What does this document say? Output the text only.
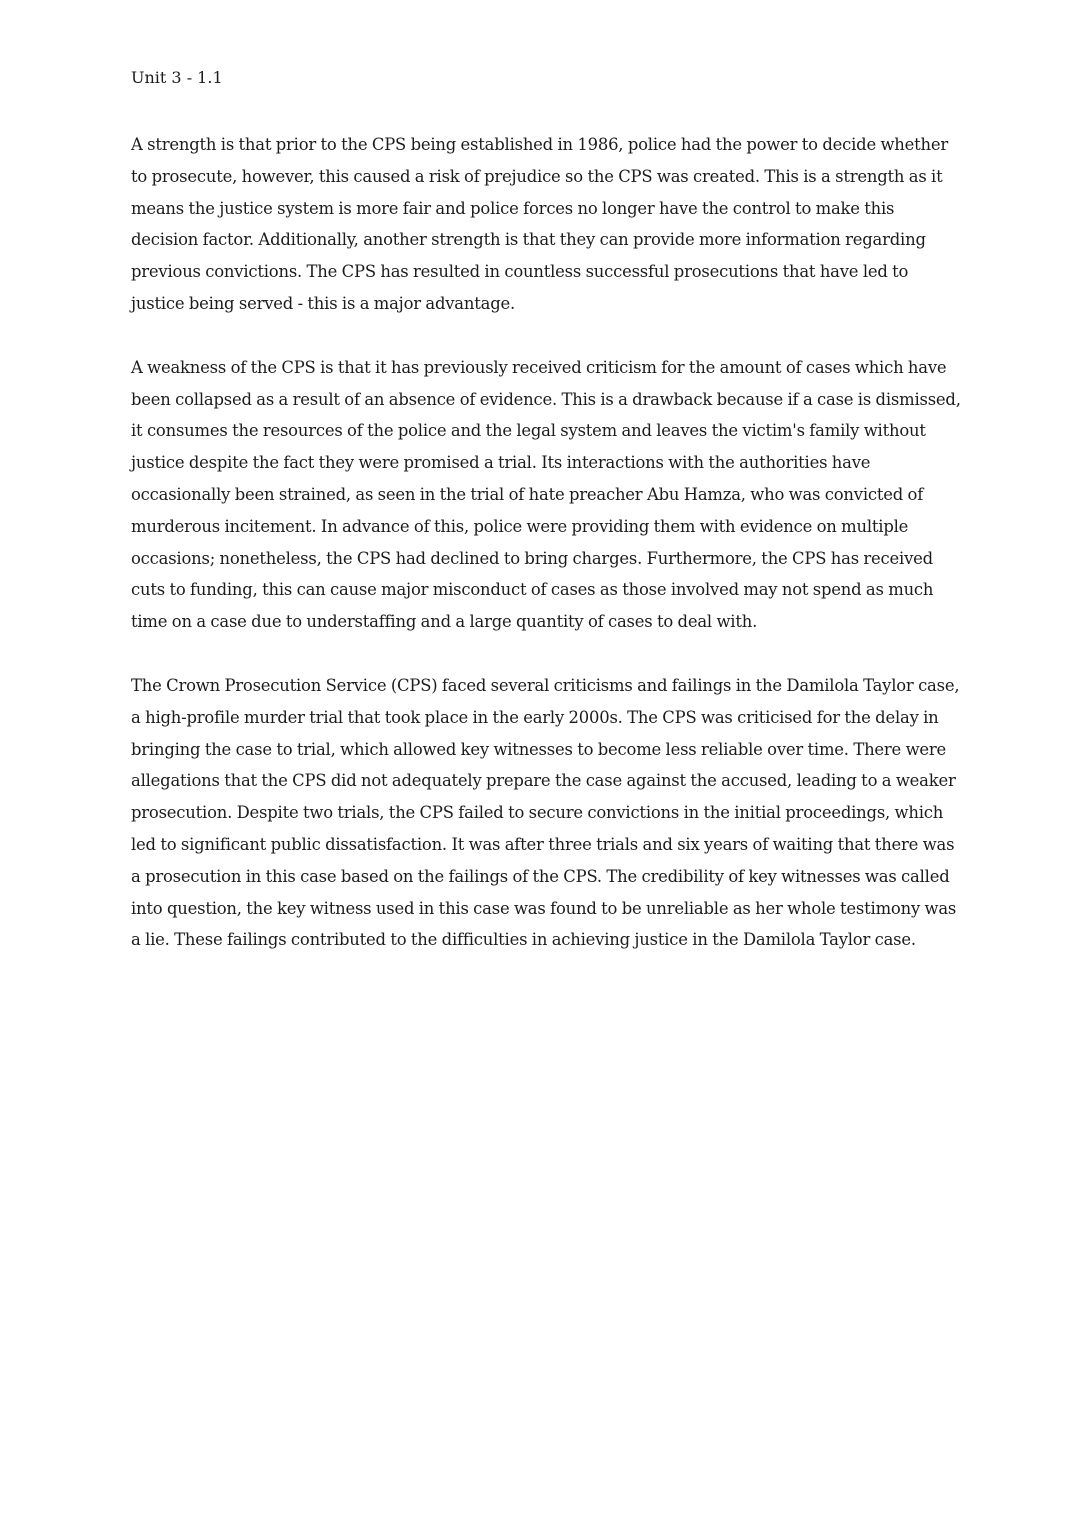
Unit 3 - 1.1

A strength is that prior to the CPS being established in 1986, police had the power to decide whether to prosecute, however, this caused a risk of prejudice so the CPS was created. This is a strength as it means the justice system is more fair and police forces no longer have the control to make this decision factor. Additionally, another strength is that they can provide more information regarding previous convictions. The CPS has resulted in countless successful prosecutions that have led to justice being served - this is a major advantage.

A weakness of the CPS is that it has previously received criticism for the amount of cases which have been collapsed as a result of an absence of evidence. This is a drawback because if a case is dismissed, it consumes the resources of the police and the legal system and leaves the victim's family without justice despite the fact they were promised a trial. Its interactions with the authorities have occasionally been strained, as seen in the trial of hate preacher Abu Hamza, who was convicted of murderous incitement. In advance of this, police were providing them with evidence on multiple occasions; nonetheless, the CPS had declined to bring charges. Furthermore, the CPS has received cuts to funding, this can cause major misconduct of cases as those involved may not spend as much time on a case due to understaffing and a large quantity of cases to deal with.

The Crown Prosecution Service (CPS) faced several criticisms and failings in the Damilola Taylor case, a high-profile murder trial that took place in the early 2000s. The CPS was criticised for the delay in bringing the case to trial, which allowed key witnesses to become less reliable over time. There were allegations that the CPS did not adequately prepare the case against the accused, leading to a weaker prosecution. Despite two trials, the CPS failed to secure convictions in the initial proceedings, which led to significant public dissatisfaction. It was after three trials and six years of waiting that there was a prosecution in this case based on the failings of the CPS. The credibility of key witnesses was called into question, the key witness used in this case was found to be unreliable as her whole testimony was a lie. These failings contributed to the difficulties in achieving justice in the Damilola Taylor case.
